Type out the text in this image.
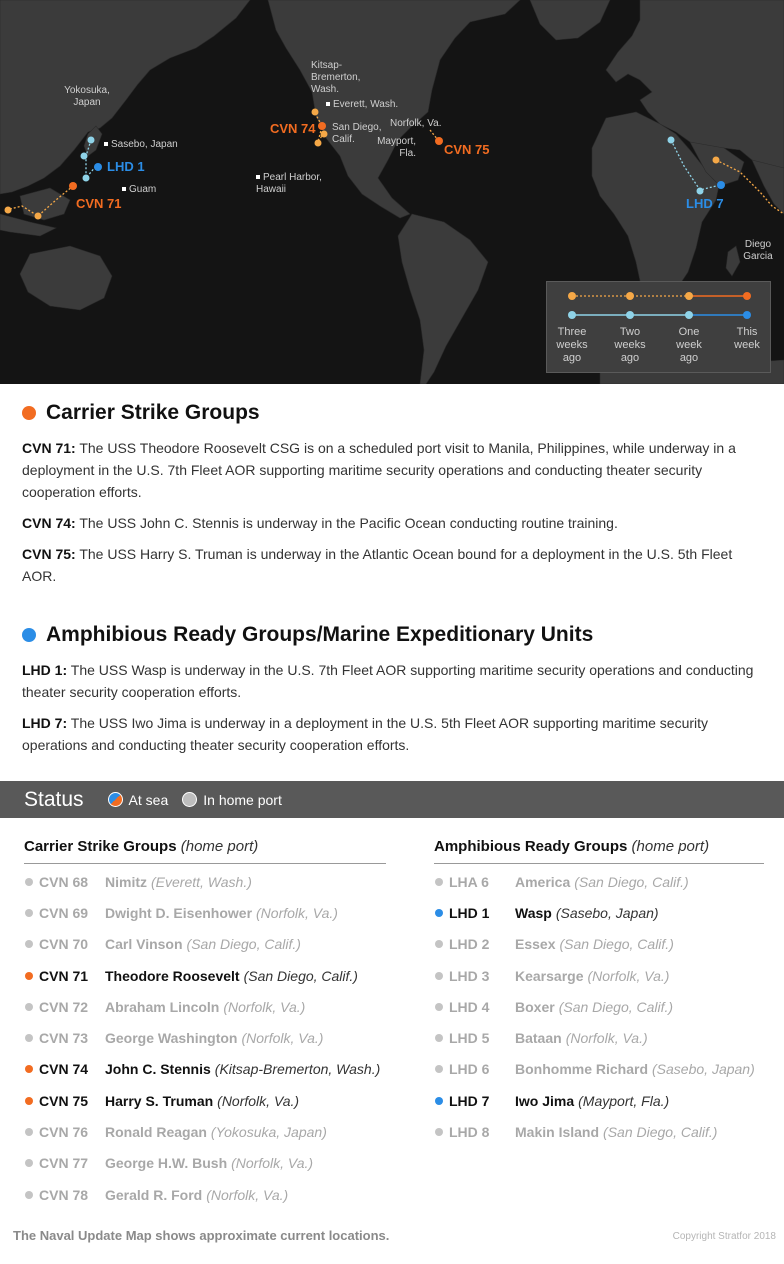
Yokosuka,
Japan
Sasebo, Japan
Guam
Pearl Harbor,
Hawaii
Kitsap-
Bremerton,
Wash.
Everett, Wash.
San Diego,
Calif.
Norfolk, Va.
Mayport,
Fla.
Diego
Garcia
LHD 1
CVN 71
CVN 74
CVN 75
LHD 7
Three
weeks
ago
Two
weeks
ago
One
week
ago
This
week
Carrier Strike Groups
CVN 71: The USS Theodore Roosevelt CSG is on a scheduled port visit to Manila, Philippines, while underway in a deployment in the U.S. 7th Fleet AOR supporting maritime security operations and conducting theater security cooperation efforts.
CVN 74: The USS John C. Stennis is underway in the Pacific Ocean conducting routine training.
CVN 75: The USS Harry S. Truman is underway in the Atlantic Ocean bound for a deployment in the U.S. 5th Fleet AOR.
Amphibious Ready Groups/Marine Expeditionary Units
LHD 1: The USS Wasp is underway in the U.S. 7th Fleet AOR supporting maritime security operations and conducting theater security cooperation efforts.
LHD 7: The USS Iwo Jima is underway in a deployment in the U.S. 5th Fleet AOR supporting maritime security operations and conducting theater security cooperation efforts.
Status	At sea	In home port
Carrier Strike Groups (home port)
CVN 68	Nimitz (Everett, Wash.)
CVN 69	Dwight D. Eisenhower (Norfolk, Va.)
CVN 70	Carl Vinson (San Diego, Calif.)
CVN 71	Theodore Roosevelt (San Diego, Calif.)
CVN 72	Abraham Lincoln (Norfolk, Va.)
CVN 73	George Washington (Norfolk, Va.)
CVN 74	John C. Stennis (Kitsap-Bremerton, Wash.)
CVN 75	Harry S. Truman (Norfolk, Va.)
CVN 76	Ronald Reagan (Yokosuka, Japan)
CVN 77	George H.W. Bush (Norfolk, Va.)
CVN 78	Gerald R. Ford (Norfolk, Va.)
Amphibious Ready Groups (home port)
LHA 6	America (San Diego, Calif.)
LHD 1	Wasp (Sasebo, Japan)
LHD 2	Essex (San Diego, Calif.)
LHD 3	Kearsarge (Norfolk, Va.)
LHD 4	Boxer (San Diego, Calif.)
LHD 5	Bataan (Norfolk, Va.)
LHD 6	Bonhomme Richard (Sasebo, Japan)
LHD 7	Iwo Jima (Mayport, Fla.)
LHD 8	Makin Island (San Diego, Calif.)
The Naval Update Map shows approximate current locations.	Copyright Stratfor 2018
